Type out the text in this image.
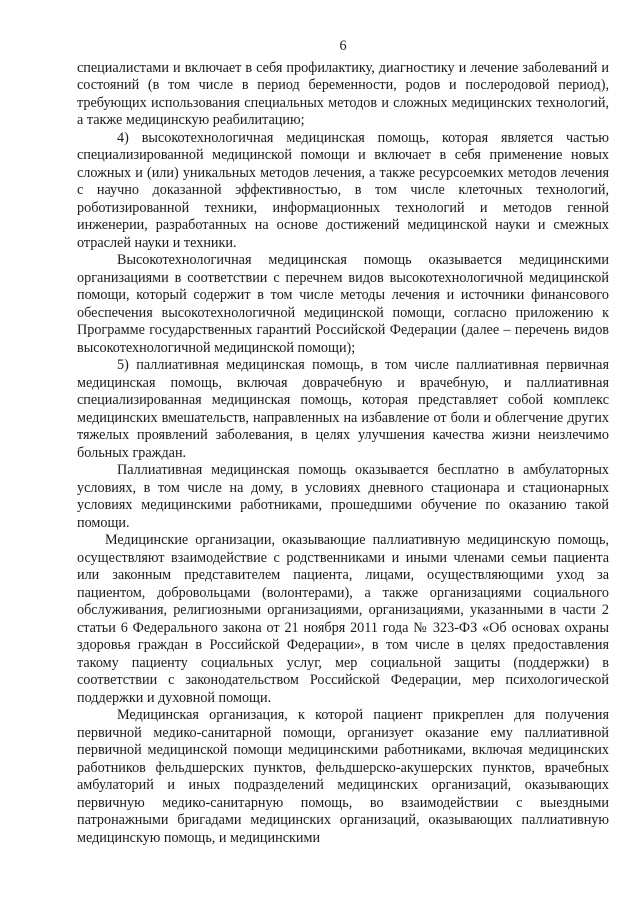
6

специалистами и включает в себя профилактику, диагностику и лечение заболеваний и состояний (в том числе в период беременности, родов и послеродовой период), требующих использования специальных методов и сложных медицинских технологий, а также медицинскую реабилитацию;

4) высокотехнологичная медицинская помощь, которая является частью специализированной медицинской помощи и включает в себя применение новых сложных и (или) уникальных методов лечения, а также ресурсоемких методов лечения с научно доказанной эффективностью, в том числе клеточных технологий, роботизированной техники, информационных технологий и методов генной инженерии, разработанных на основе достижений медицинской науки и смежных отраслей науки и техники.

Высокотехнологичная медицинская помощь оказывается медицинскими организациями в соответствии с перечнем видов высокотехнологичной медицинской помощи, который содержит в том числе методы лечения и источники финансового обеспечения высокотехнологичной медицинской помощи, согласно приложению к Программе государственных гарантий Российской Федерации (далее – перечень видов высокотехнологичной медицинской помощи);

5) паллиативная медицинская помощь, в том числе паллиативная первичная медицинская помощь, включая доврачебную и врачебную, и паллиативная специализированная медицинская помощь, которая представляет собой комплекс медицинских вмешательств, направленных на избавление от боли и облегчение других тяжелых проявлений заболевания, в целях улучшения качества жизни неизлечимо больных граждан.

Паллиативная медицинская помощь оказывается бесплатно в амбулаторных условиях, в том числе на дому, в условиях дневного стационара и стационарных условиях медицинскими работниками, прошедшими обучение по оказанию такой помощи.

Медицинские организации, оказывающие паллиативную медицинскую помощь, осуществляют взаимодействие с родственниками и иными членами семьи пациента или законным представителем пациента, лицами, осуществляющими уход за пациентом, добровольцами (волонтерами), а также организациями социального обслуживания, религиозными организациями, организациями, указанными в части 2 статьи 6 Федерального закона от 21 ноября 2011 года № 323-ФЗ «Об основах охраны здоровья граждан в Российской Федерации», в том числе в целях предоставления такому пациенту социальных услуг, мер социальной защиты (поддержки) в соответствии с законодательством Российской Федерации, мер психологической поддержки и духовной помощи.

Медицинская организация, к которой пациент прикреплен для получения первичной медико-санитарной помощи, организует оказание ему паллиативной первичной медицинской помощи медицинскими работниками, включая медицинских работников фельдшерских пунктов, фельдшерско-акушерских пунктов, врачебных амбулаторий и иных подразделений медицинских организаций, оказывающих первичную медико-санитарную помощь, во взаимодействии с выездными патронажными бригадами медицинских организаций, оказывающих паллиативную медицинскую помощь, и медицинскими
